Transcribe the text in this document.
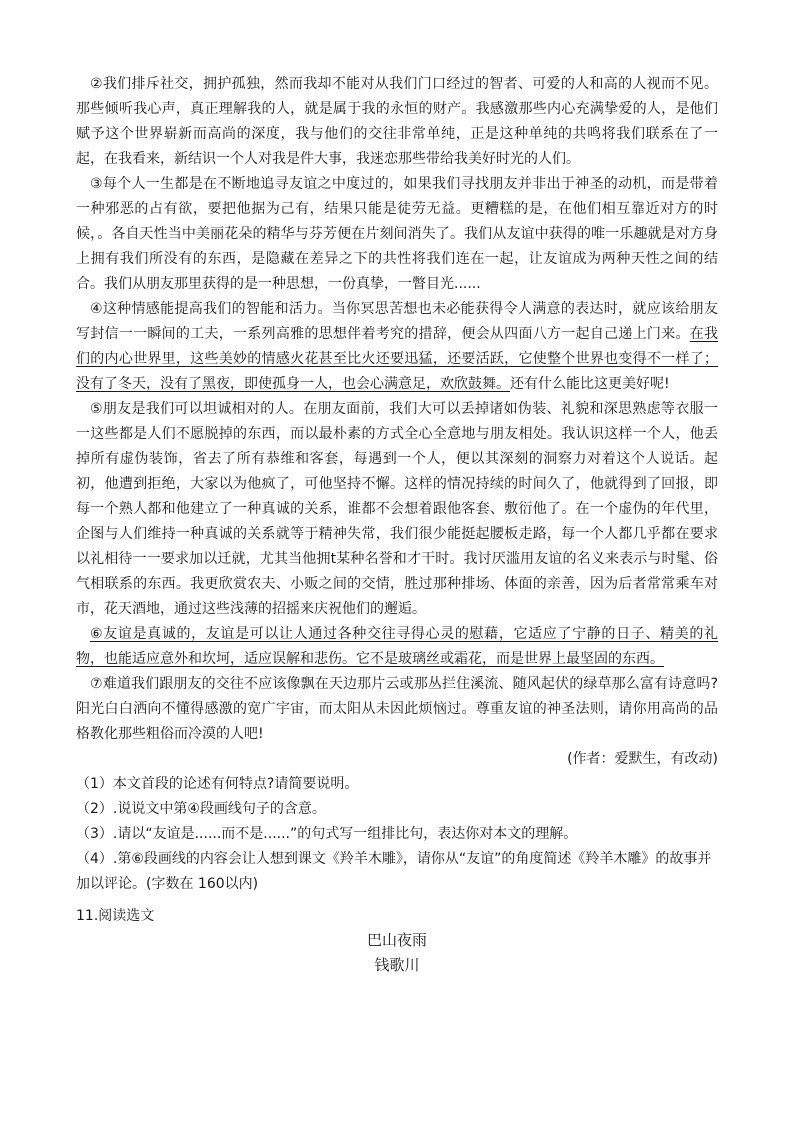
②我们排斥社交，拥护孤独，然而我却不能对从我们门口经过的智者、可爱的人和高的人视而不见。那些倾听我心声，真正理解我的人，就是属于我的永恒的财产。我感激那些内心充满挚爱的人，是他们赋予这个世界崭新而高尚的深度，我与他们的交往非常单纯，正是这种单纯的共鸣将我们联系在了一起，在我看来，新结识一个人对我是件大事，我迷恋那些带给我美好时光的人们。

③每个人一生都是在不断地追寻友谊之中度过的，如果我们寻找朋友并非出于神圣的动机，而是带着一种邪恶的占有欲，要把他据为己有，结果只能是徒劳无益。更糟糕的是，在他们相互靠近对方的时候，。各自天性当中美丽花朵的精华与芬芳便在片刻间消失了。我们从友谊中获得的唯一乐趣就是对方身上拥有我们所没有的东西，是隐藏在差异之下的共性将我们连在一起，让友谊成为两种天性之间的结合。我们从朋友那里获得的是一种思想，一份真挚，一瞥目光......

④这种情感能提高我们的智能和活力。当你冥思苦想也未必能获得令人满意的表达时，就应该给朋友写封信一一瞬间的工夫，一系列高雅的思想伴着考究的措辞，便会从四面八方一起自己递上门来。在我们的内心世界里，这些美妙的情感火花甚至比火还要迅猛，还要活跃，它使整个世界也变得不一样了；没有了冬天，没有了黑夜，即使孤身一人，也会心满意足，欢欣鼓舞。还有什么能比这更美好呢!

⑤朋友是我们可以坦诚相对的人。在朋友面前，我们大可以丢掉诸如伪装、礼貌和深思熟虑等衣服一一这些都是人们不愿脱掉的东西，而以最朴素的方式全心全意地与朋友相处。我认识这样一个人，他丢掉所有虚伪装饰，省去了所有恭维和客套，每遇到一个人，便以其深刻的洞察力对着这个人说话。起初，他遭到拒绝，大家以为他疯了，可他坚持不懈。这样的情况持续的时间久了，他就得到了回报，即每一个熟人都和他建立了一种真诚的关系，谁都不会想着跟他客套、敷衍他了。在一个虚伪的年代里，企图与人们维持一种真诚的关系就等于精神失常，我们很少能挺起腰板走路，每一个人都几乎都在要求以礼相待一一要求加以迁就，尤其当他拥t某种名誉和才干时。我讨厌滥用友谊的名义来表示与时髦、俗气相联系的东西。我更欣赏农夫、小贩之间的交情，胜过那种排场、体面的亲善，因为后者常常乘车对市，花天酒地，通过这些浅薄的招摇来庆祝他们的邂逅。

⑥友谊是真诚的，友谊是可以让人通过各种交往寻得心灵的慰藉，它适应了宁静的日子、精美的礼物，也能适应意外和坎坷，适应误解和悲伤。它不是玻璃丝或霜花，而是世界上最坚固的东西。

⑦难道我们跟朋友的交往不应该像飘在天边那片云或那丛拦住溪流、随风起伏的绿草那么富有诗意吗?阳光白白洒向不懂得感激的宽广宇宙，而太阳从未因此烦恼过。尊重友谊的神圣法则，请你用高尚的品格教化那些粗俗而冷漠的人吧!

(作者：爱默生，有改动)

（1）本文首段的论述有何特点?请简要说明。

（2）.说说文中第④段画线句子的含意。

（3）.请以“友谊是......而不是......”的句式写一组排比句，表达你对本文的理解。

（4）.第⑥段画线的内容会让人想到课文《羚羊木雕》，请你从“友谊”的角度简述《羚羊木雕》的故事并加以评论。(字数在 160以内)

11.阅读选文

巴山夜雨

钱歌川
